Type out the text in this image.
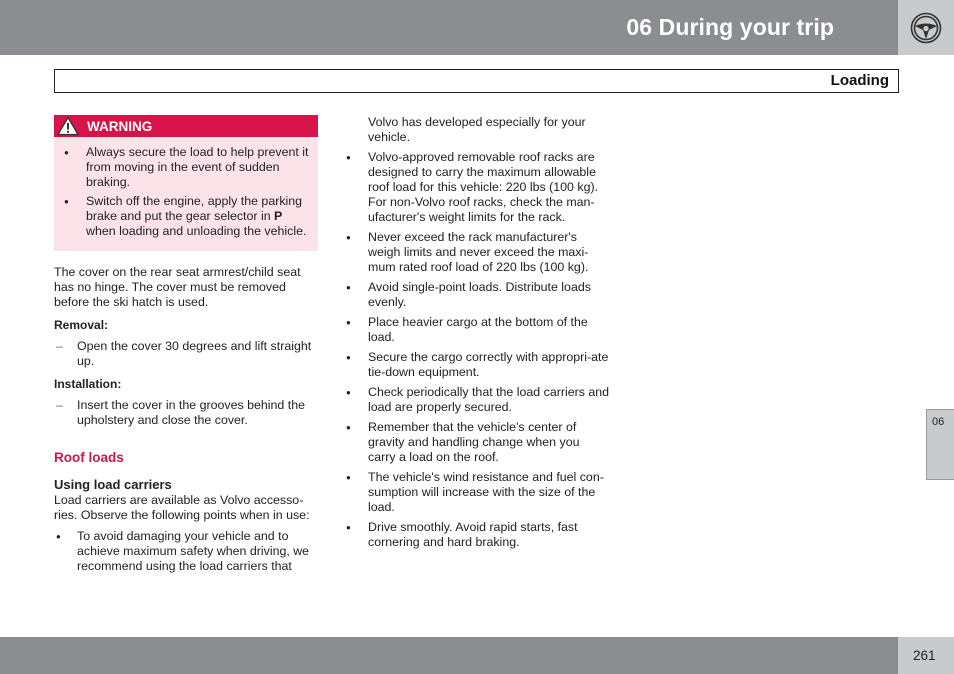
06 During your trip
Loading
WARNING
● Always secure the load to help prevent it from moving in the event of sudden braking.
● Switch off the engine, apply the parking brake and put the gear selector in P when loading and unloading the vehicle.

The cover on the rear seat armrest/child seat has no hinge. The cover must be removed before the ski hatch is used.

Removal:
– Open the cover 30 degrees and lift straight up.
Installation:
– Insert the cover in the grooves behind the upholstery and close the cover.
Roof loads
Using load carriers

Load carriers are available as Volvo accesso-ries. Observe the following points when in use:

● To avoid damaging your vehicle and to achieve maximum safety when driving, we recommend using the load carriers that
Volvo has developed especially for your vehicle.
● Volvo-approved removable roof racks are designed to carry the maximum allowable roof load for this vehicle: 220 lbs (100 kg). For non-Volvo roof racks, check the man-ufacturer's weight limits for the rack.
● Never exceed the rack manufacturer's weigh limits and never exceed the maxi-mum rated roof load of 220 lbs (100 kg).
● Avoid single-point loads. Distribute loads evenly.
● Place heavier cargo at the bottom of the load.
● Secure the cargo correctly with appropri-ate tie-down equipment.
● Check periodically that the load carriers and load are properly secured.
● Remember that the vehicle's center of gravity and handling change when you carry a load on the roof.
● The vehicle's wind resistance and fuel con-sumption will increase with the size of the load.
● Drive smoothly. Avoid rapid starts, fast cornering and hard braking.
06
261
